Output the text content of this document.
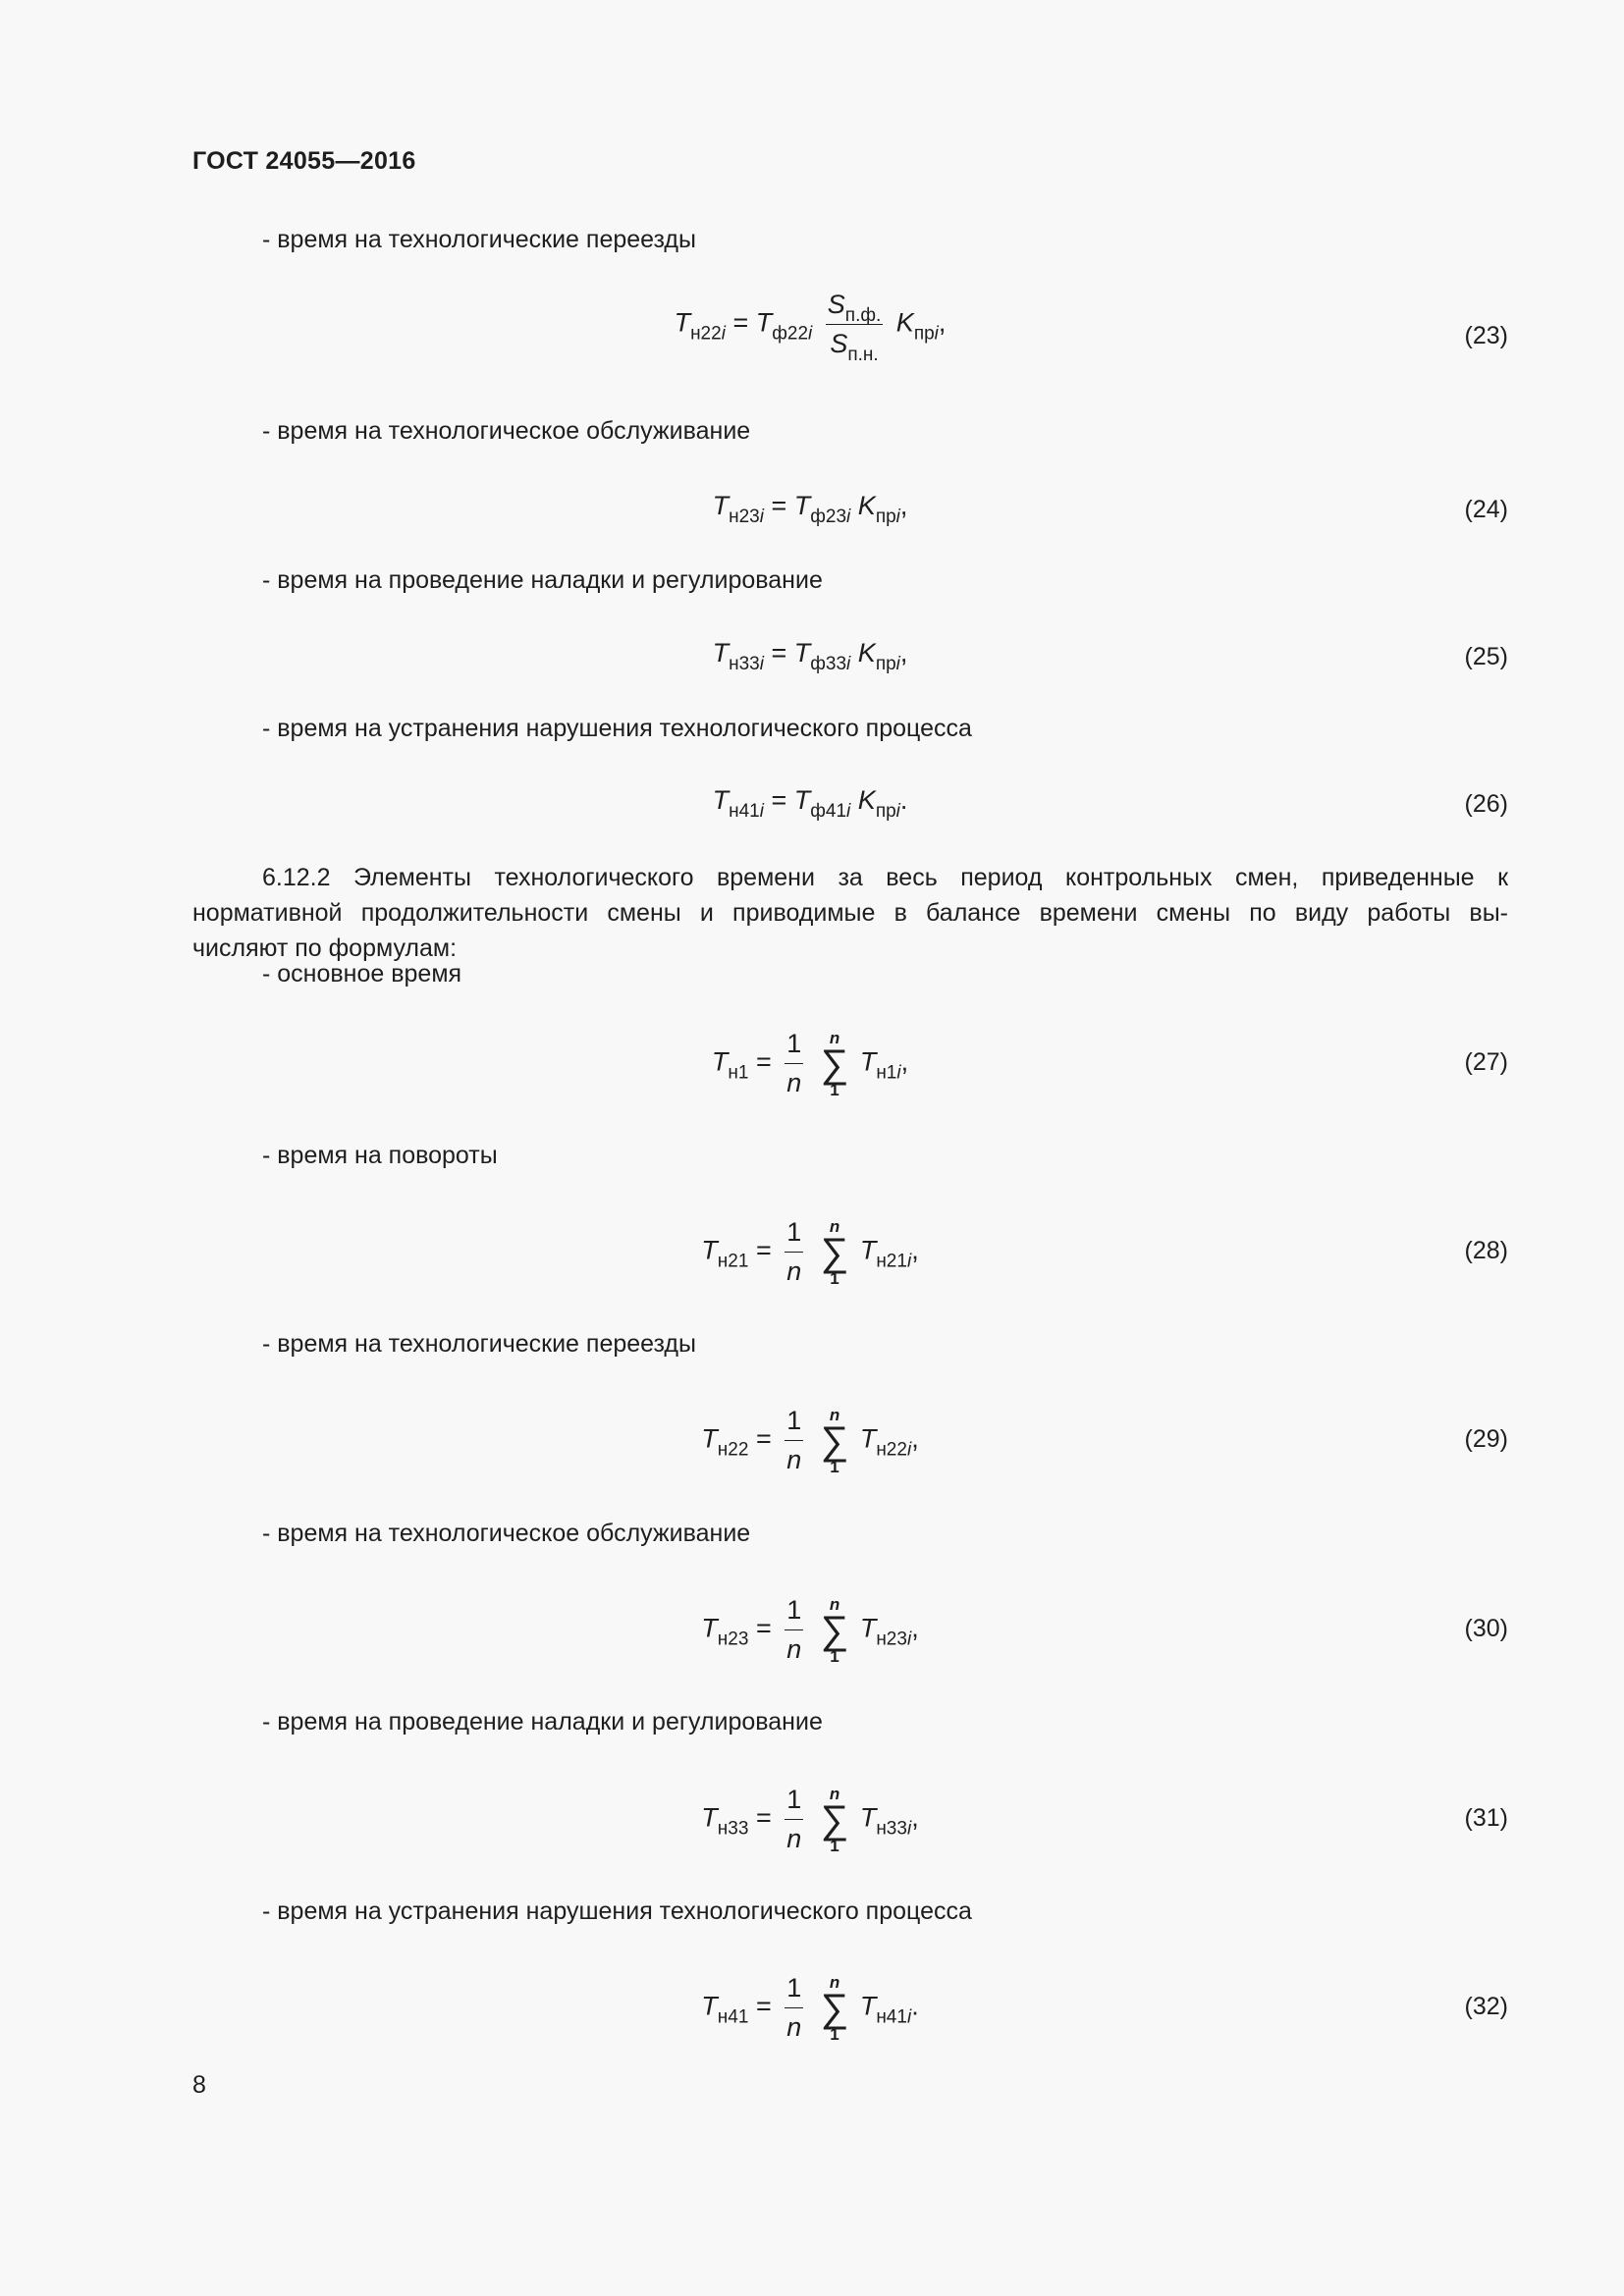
ГОСТ 24055—2016
- время на технологические переезды
$T_{н22i} = T_{ф22i} \frac{S_{п.ф.}}{S_{п.н.}} K_{прi}$,	(23)
- время на технологическое обслуживание
$T_{н23i} = T_{ф23i}$ $K_{прi}$,	(24)
- время на проведение наладки и регулирование
$T_{н33i} = T_{ф33i}$ $K_{прi}$,	(25)
- время на устранения нарушения технологического процесса
$T_{н41i} = T_{ф41i}$ $K_{прi}$.	(26)
6.12.2 Элементы технологического времени за весь период контрольных смен, приведенные к
нормативной продолжительности смены и приводимые в балансе времени смены по виду работы вы-
числяют по формулам:
- основное время
$T_{н1} = \frac{1}{n}$
	n
∑
1
$T_{н1i}$,	(27)
- время на повороты
$T_{н21} = \frac{1}{n}$
	n
∑
1
$T_{н21i}$,	(28)
- время на технологические переезды
$T_{н22} = \frac{1}{n}$
	n
∑
1
$T_{н22i}$,	(29)
- время на технологическое обслуживание
$T_{н23} = \frac{1}{n}$
	n
∑
1
$T_{н23i}$,	(30)
- время на проведение наладки и регулирование
$T_{н33} = \frac{1}{n}$
	n
∑
1
$T_{н33i}$,	(31)
- время на устранения нарушения технологического процесса
$T_{н41} = \frac{1}{n}$
	n
∑
1
$T_{н41i}$.	(32)
8
